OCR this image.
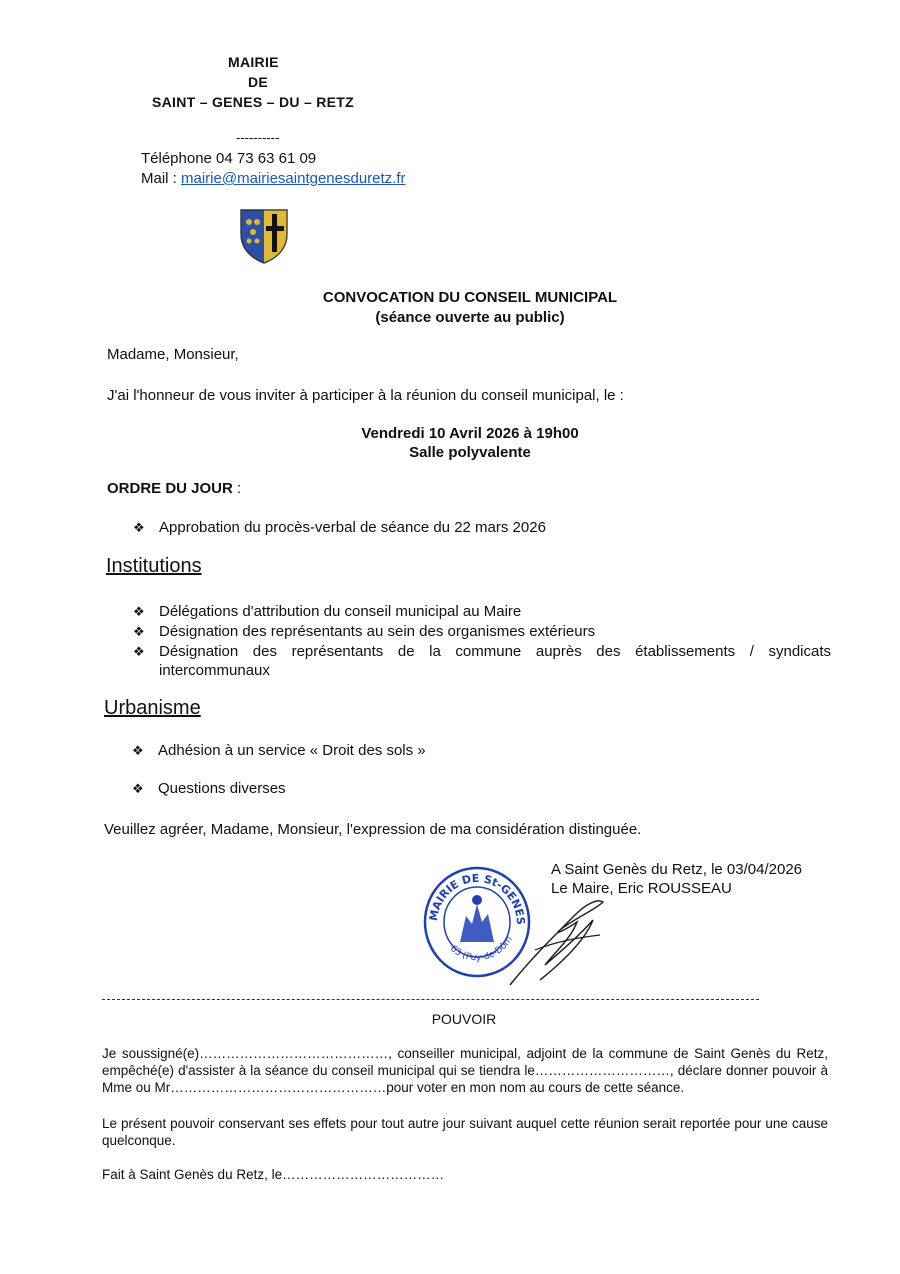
MAIRIE
DE
SAINT – GENES – DU – RETZ
----------
Téléphone 04 73 63 61 09
Mail : mairie@mairiesaintgenesduretz.fr
CONVOCATION DU CONSEIL MUNICIPAL
(séance ouverte au public)
Madame, Monsieur,
J'ai l'honneur de vous inviter à participer à la réunion du conseil municipal, le :
Vendredi 10 Avril 2026 à 19h00
Salle polyvalente
ORDRE DU JOUR :
❖ Approbation du procès-verbal de séance du 22 mars 2026
Institutions
❖ Délégations d'attribution du conseil municipal au Maire
❖ Désignation des représentants au sein des organismes extérieurs
❖ Désignation des représentants de la commune auprès des établissements / syndicats intercommunaux
Urbanisme
❖ Adhésion à un service « Droit des sols »
❖ Questions diverses
Veuillez agréer, Madame, Monsieur, l'expression de ma considération distinguée.
A Saint Genès du Retz, le 03/04/2026
Le Maire, Eric ROUSSEAU
MAIRIE DE St-GENES
63 (Puy-de-Dôm
POUVOIR
Je soussigné(e)……………………………………, conseiller municipal, adjoint de la commune de Saint Genès du Retz, empêché(e) d'assister à la séance du conseil municipal qui se tiendra le…………………………, déclare donner pouvoir à Mme ou Mr…………………………………………pour voter en mon nom au cours de cette séance.
Le présent pouvoir conservant ses effets pour tout autre jour suivant auquel cette réunion serait reportée pour une cause quelconque.
Fait à Saint Genès du Retz, le………………………………
